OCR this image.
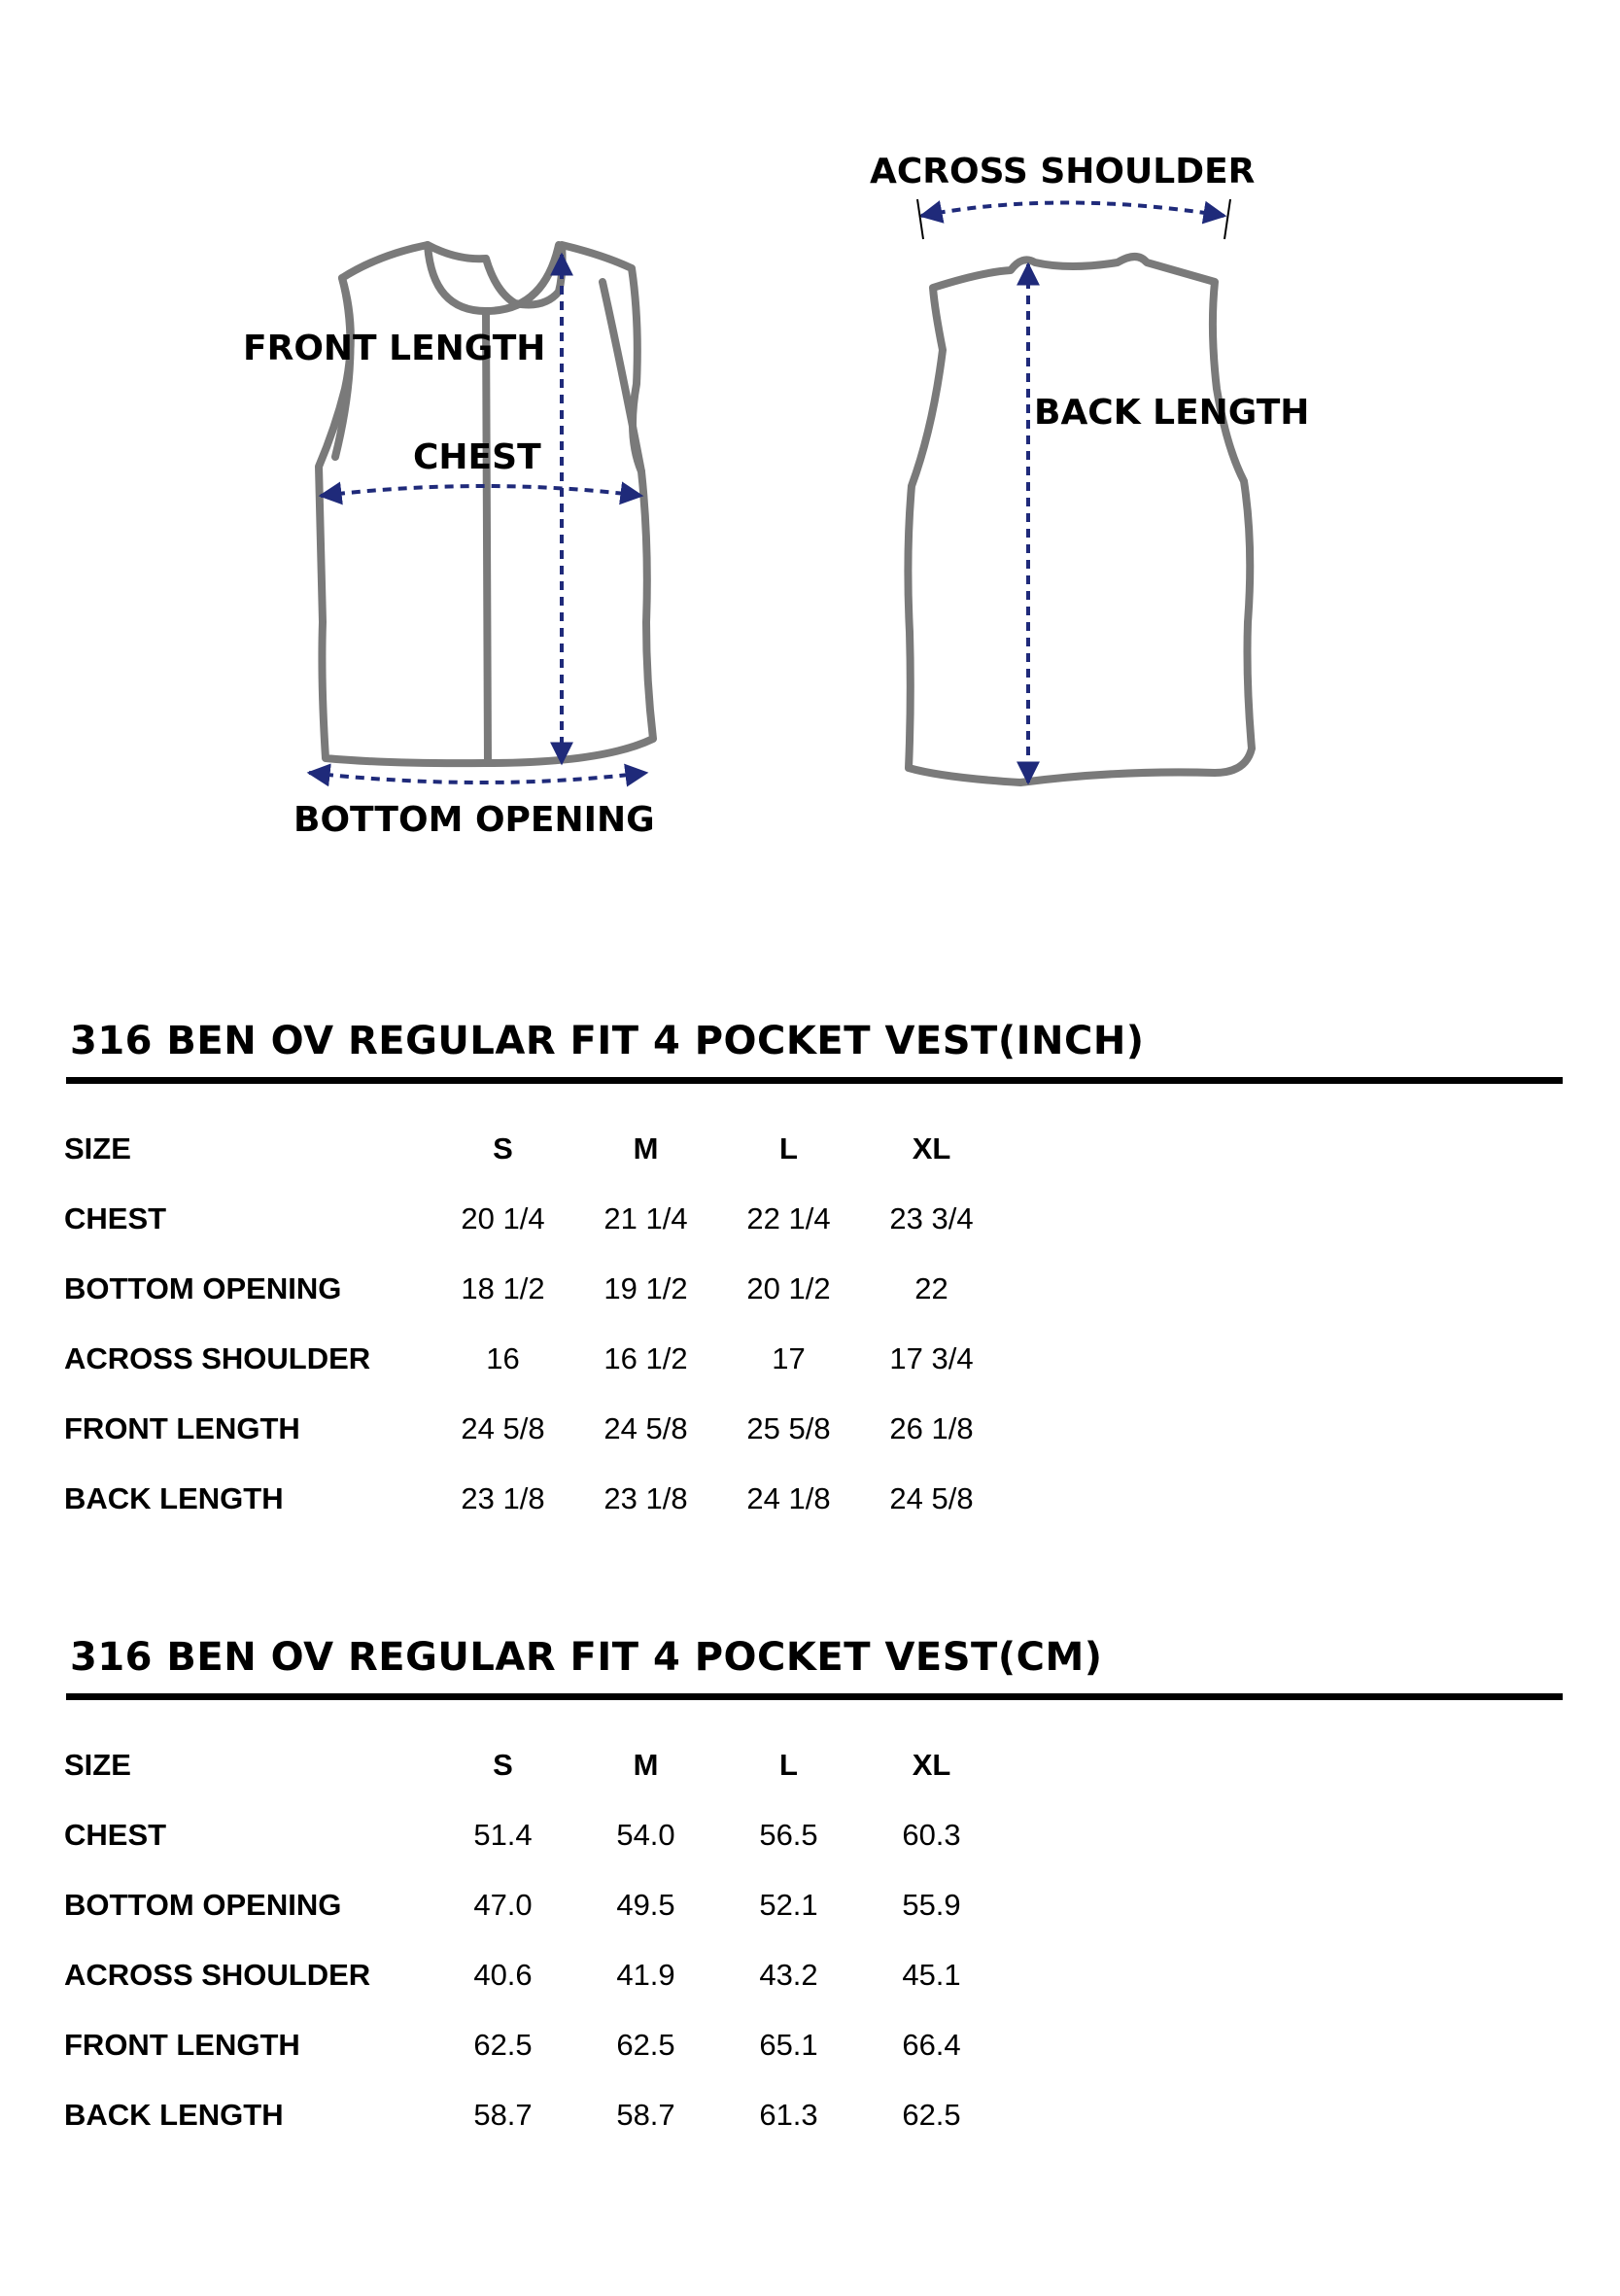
FRONT LENGTH
CHEST
BOTTOM OPENING
ACROSS SHOULDER
BACK LENGTH
316 BEN OV REGULAR FIT 4 POCKET VEST(INCH)
SIZE	S	M	L	XL
CHEST	20 1/4	21 1/4	22 1/4	23 3/4
BOTTOM OPENING	18 1/2	19 1/2	20 1/2	22
ACROSS SHOULDER	16	16 1/2	17	17 3/4
FRONT LENGTH	24 5/8	24 5/8	25 5/8	26 1/8
BACK LENGTH	23 1/8	23 1/8	24 1/8	24 5/8
316 BEN OV REGULAR FIT 4 POCKET VEST(CM)
SIZE	S	M	L	XL
CHEST	51.4	54.0	56.5	60.3
BOTTOM OPENING	47.0	49.5	52.1	55.9
ACROSS SHOULDER	40.6	41.9	43.2	45.1
FRONT LENGTH	62.5	62.5	65.1	66.4
BACK LENGTH	58.7	58.7	61.3	62.5
